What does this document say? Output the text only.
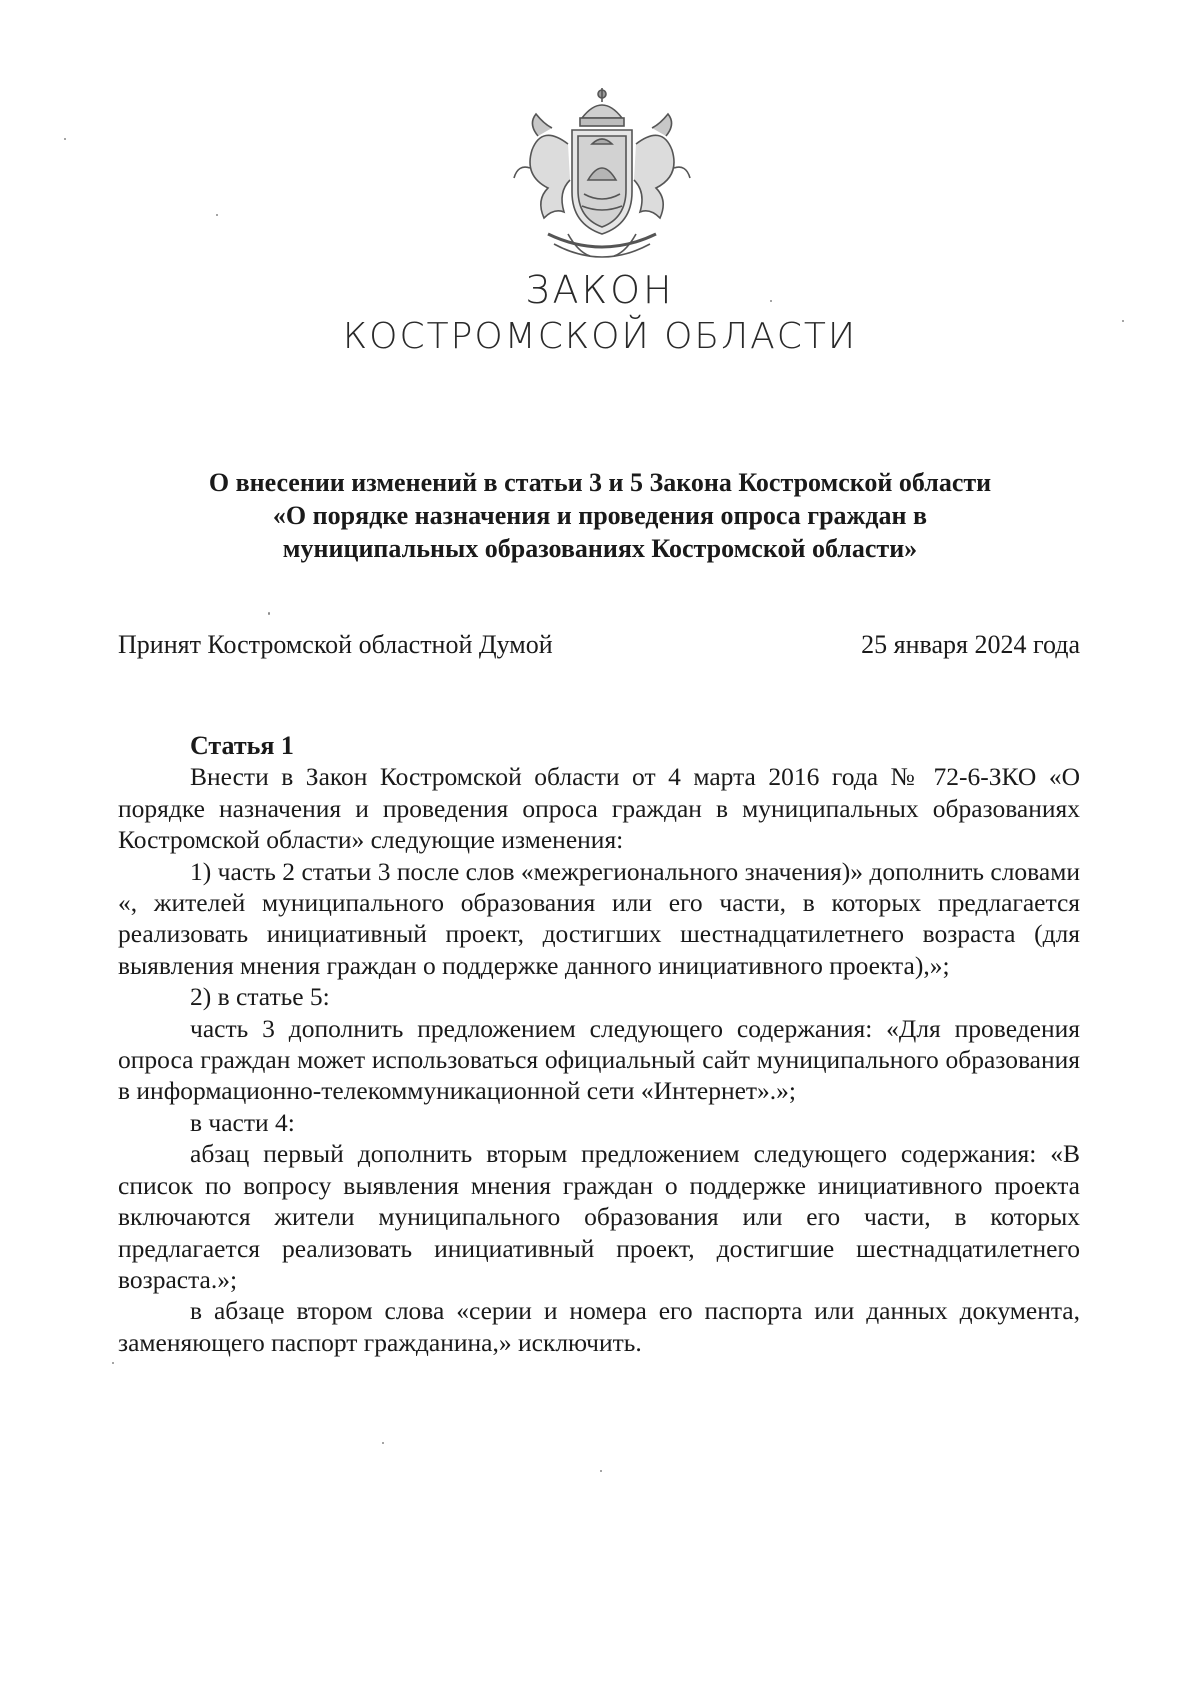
ЗАКОН
КОСТРОМСКОЙ ОБЛАСТИ
О внесении изменений в статьи 3 и 5 Закона Костромской области
«О порядке назначения и проведения опроса граждан в
муниципальных образованиях Костромской области»
Принят Костромской областной Думой	25 января 2024 года
Статья 1

Внести в Закон Костромской области от 4 марта 2016 года № 72-6-ЗКО «О порядке назначения и проведения опроса граждан в муниципальных образованиях Костромской области» следующие изменения:

1) часть 2 статьи 3 после слов «межрегионального значения)» дополнить словами «, жителей муниципального образования или его части, в которых предлагается реализовать инициативный проект, достигших шестнадцатилетнего возраста (для выявления мнения граждан о поддержке данного инициативного проекта),»;

2) в статье 5:

часть 3 дополнить предложением следующего содержания: «Для проведения опроса граждан может использоваться официальный сайт муниципального образования в информационно-телекоммуникационной сети «Интернет».»;

в части 4:

абзац первый дополнить вторым предложением следующего содержания: «В список по вопросу выявления мнения граждан о поддержке инициативного проекта включаются жители муниципального образования или его части, в которых предлагается реализовать инициативный проект, достигшие шестнадцатилетнего возраста.»;

в абзаце втором слова «серии и номера его паспорта или данных документа, заменяющего паспорт гражданина,» исключить.
